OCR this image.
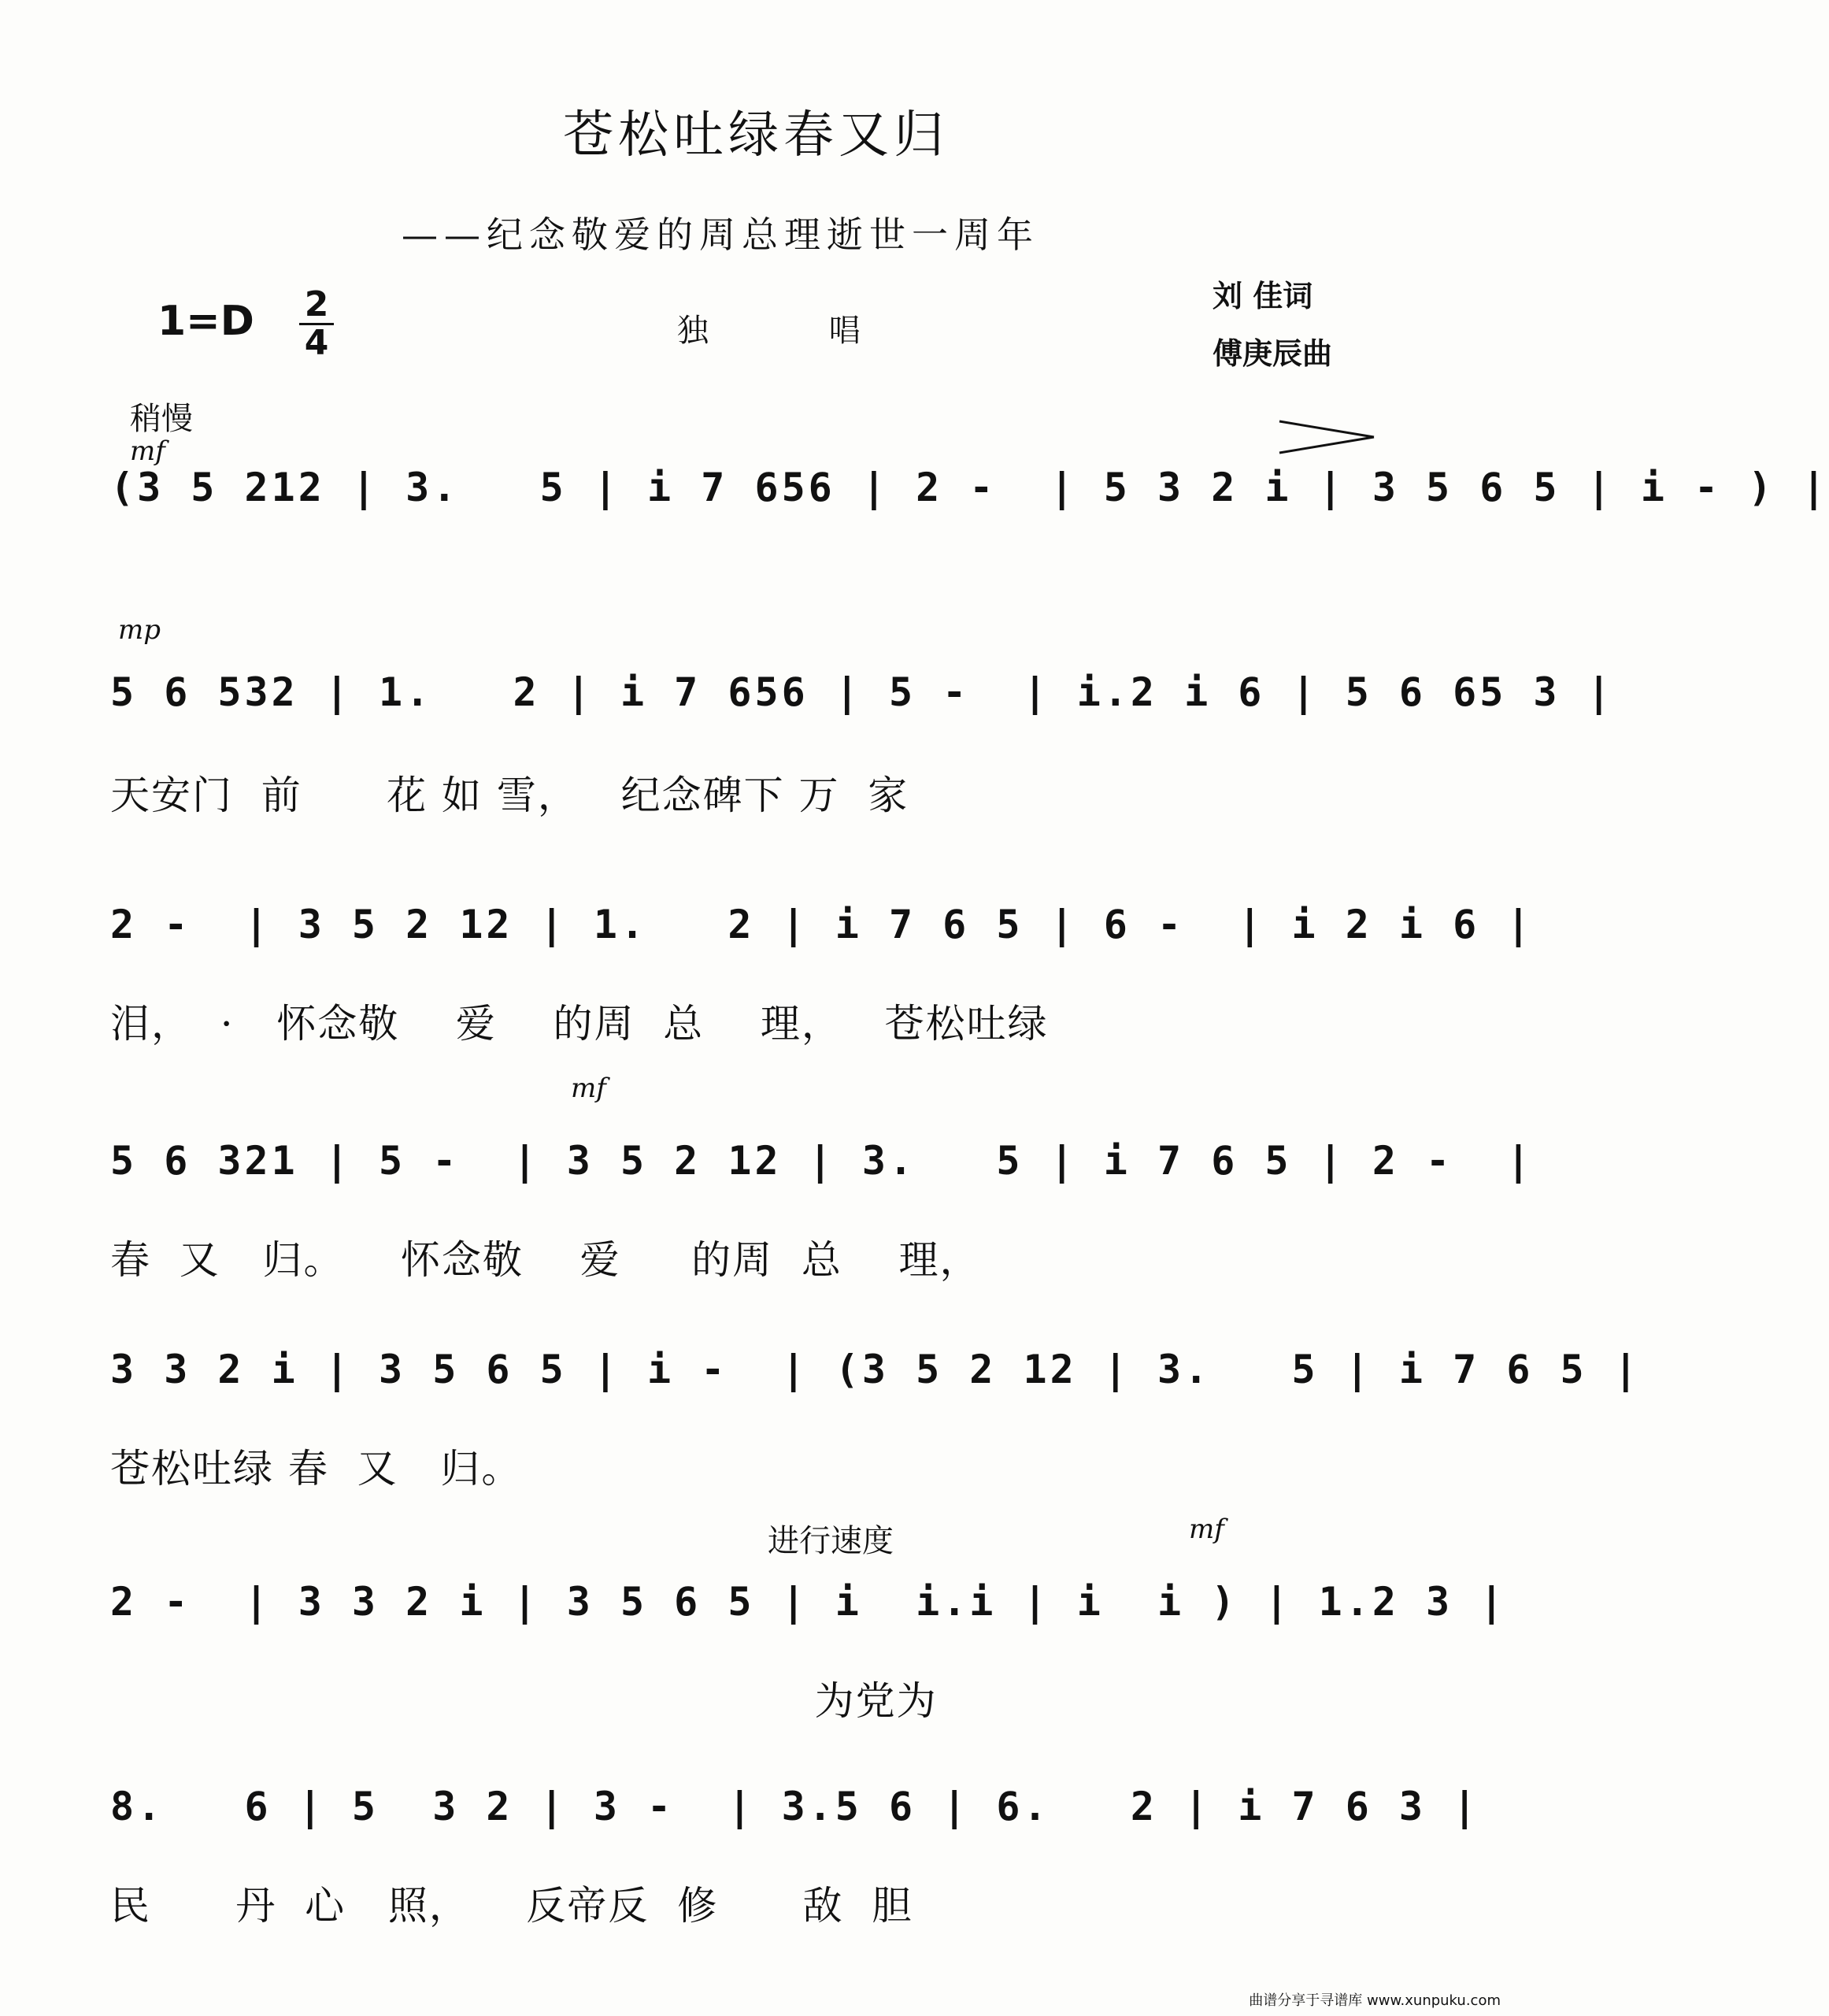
苍松吐绿春又归
——纪念敬爱的周总理逝世一周年
1=D 2
4	独 唱
刘 佳词
傅庚辰曲
稍慢
mf
mp
mf
进行速度	mf
(3 5 212 | 3.   5 | i 7 656 | 2 -  | 5 3 2 i | 3 5 6 5 | i - ) |
5 6 532 | 1.   2 | i 7 656 | 5 -  | i.2 i 6 | 5 6 65 3 |
天安门  前      花 如 雪，   纪念碑下 万  家
2 -  | 3 5 2 12 | 1.   2 | i 7 6 5 | 6 -  | i 2 i 6 |
泪，  ·   怀念敬    爱    的周  总    理，   苍松吐绿
5 6 321 | 5 -  | 3 5 2 12 | 3.   5 | i 7 6 5 | 2 -  |
春  又   归。    怀念敬    爱     的周  总    理，
3 3 2 i | 3 5 6 5 | i -  | (3 5 2 12 | 3.   5 | i 7 6 5 |
苍松吐绿 春  又   归。
2 -  | 3 3 2 i | 3 5 6 5 | i  i.i | i  i ) | 1.2 3 |
为党为
8.   6 | 5  3 2 | 3 -  | 3.5 6 | 6.   2 | i 7 6 3 |
民      丹  心   照，    反帝反  修      敌  胆
曲谱分享于寻谱库 www.xunpuku.com
